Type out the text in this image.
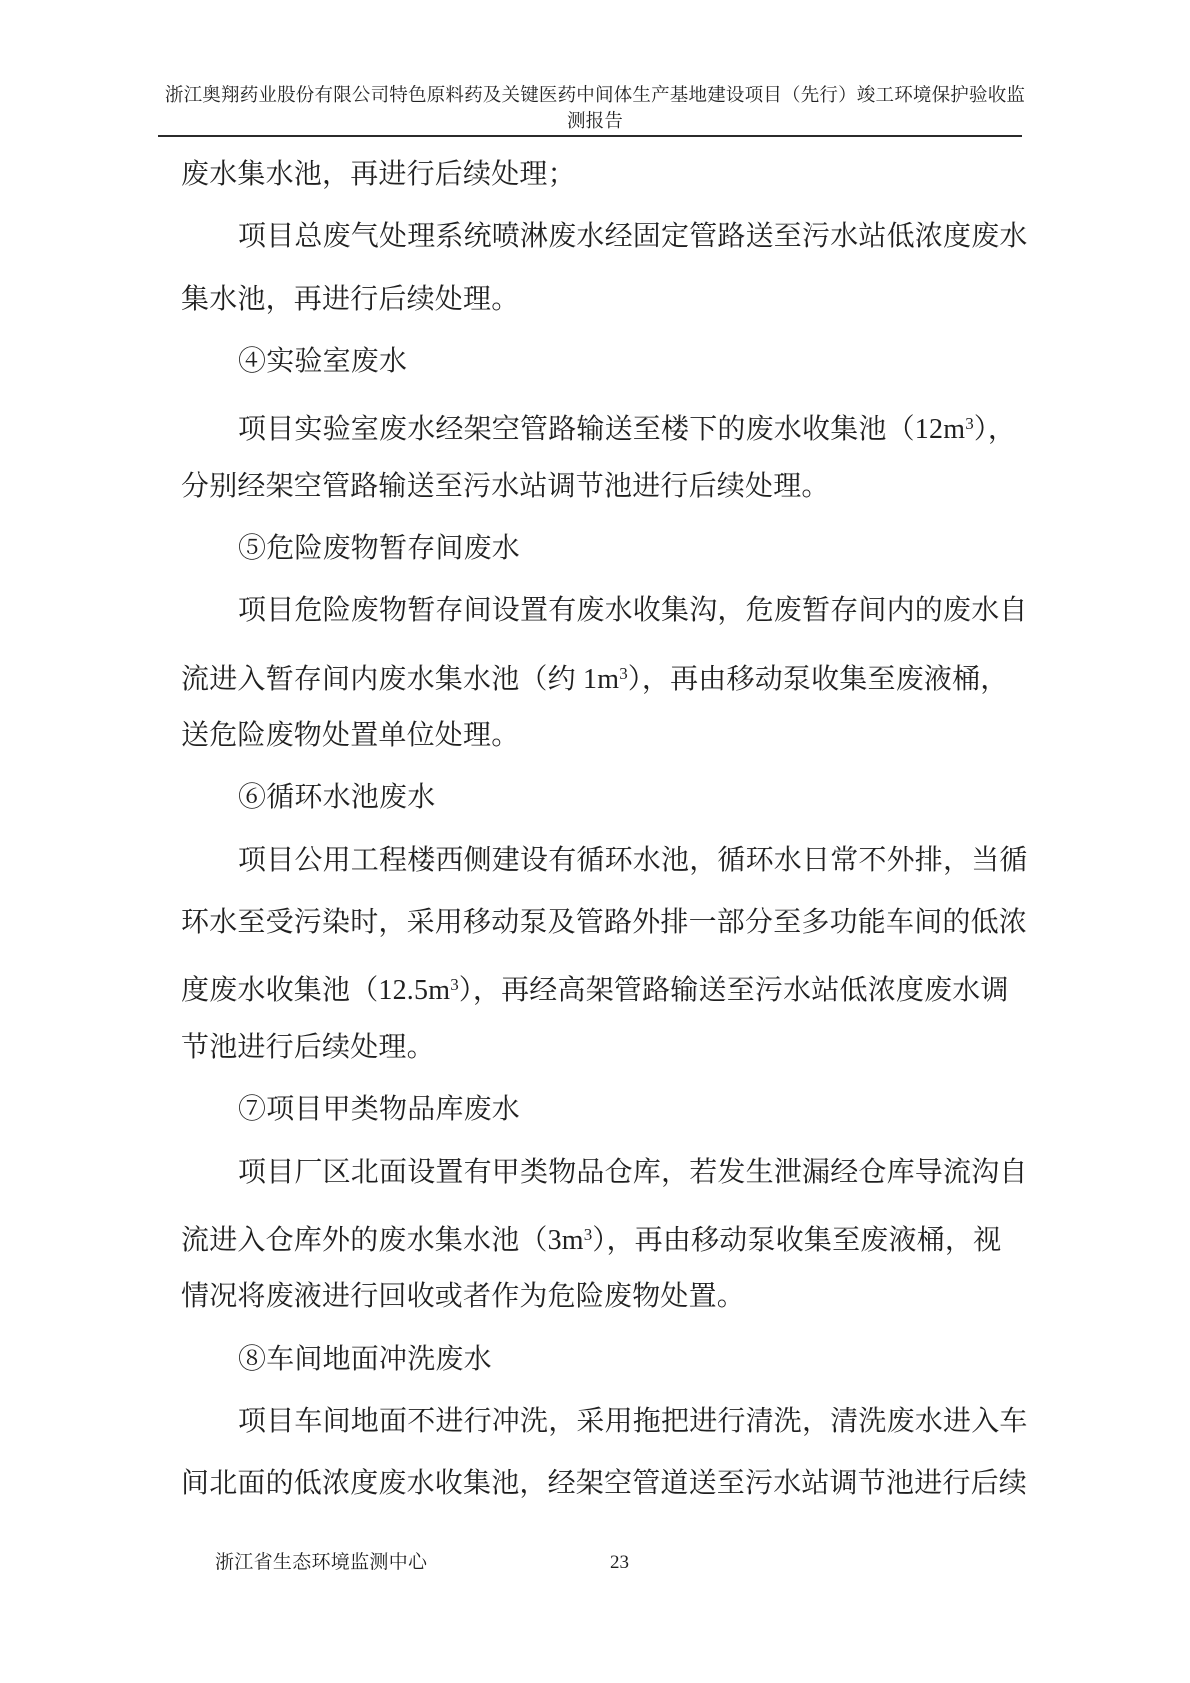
浙江奥翔药业股份有限公司特色原料药及关键医药中间体生产基地建设项目（先行）竣工环境保护验收监
测报告
废水集水池，再进行后续处理；
项目总废气处理系统喷淋废水经固定管路送至污水站低浓度废水
集水池，再进行后续处理。
④实验室废水
项目实验室废水经架空管路输送至楼下的废水收集池$(12m^3)$，
分别经架空管路输送至污水站调节池进行后续处理。
⑤危险废物暂存间废水
项目危险废物暂存间设置有废水收集沟，危废暂存间内的废水自
流进入暂存间内废水集水池（约 $1m^3$），再由移动泵收集至废液桶，
送危险废物处置单位处理。
⑥循环水池废水
项目公用工程楼西侧建设有循环水池，循环水日常不外排，当循
环水至受污染时，采用移动泵及管路外排一部分至多功能车间的低浓
度废水收集池$(12.5m^3)$，再经高架管路输送至污水站低浓度废水调
节池进行后续处理。
⑦项目甲类物品库废水
项目厂区北面设置有甲类物品仓库，若发生泄漏经仓库导流沟自
流进入仓库外的废水集水池$(3m^3)$，再由移动泵收集至废液桶，视
情况将废液进行回收或者作为危险废物处置。
⑧车间地面冲洗废水
项目车间地面不进行冲洗，采用拖把进行清洗，清洗废水进入车
间北面的低浓度废水收集池，经架空管道送至污水站调节池进行后续
浙江省生态环境监测中心	23
